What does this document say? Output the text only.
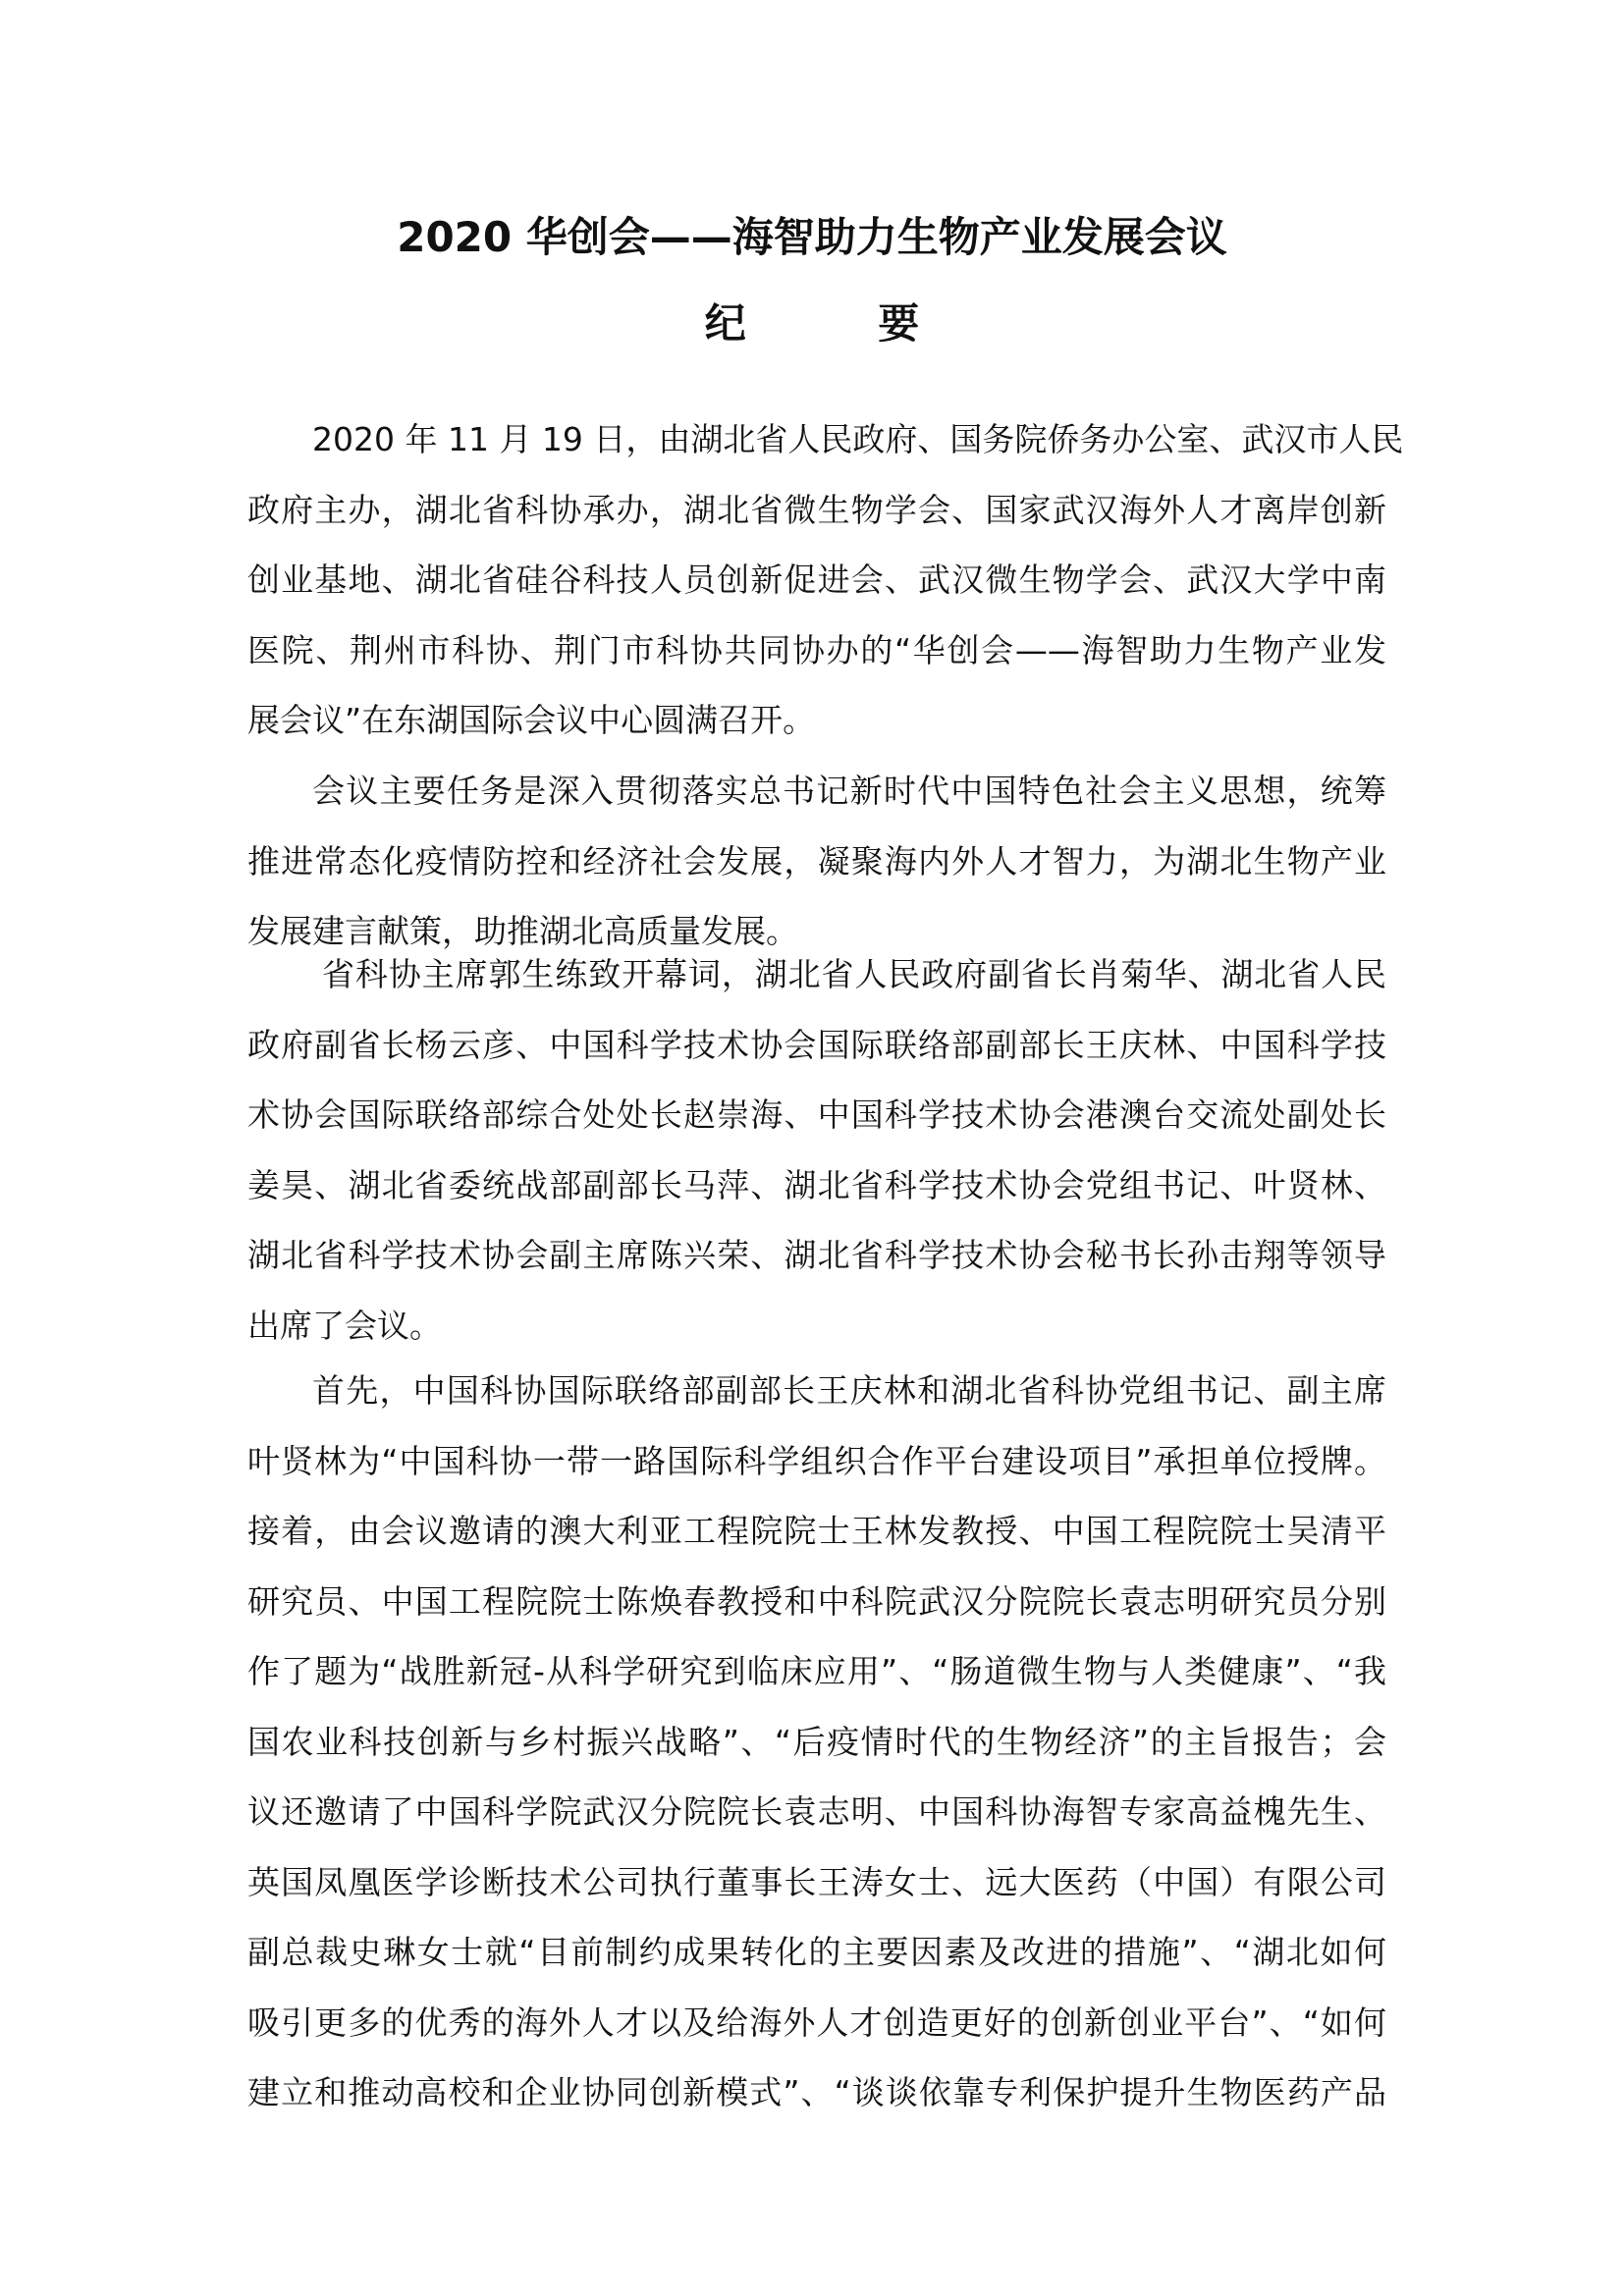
2020 华创会——海智助力生物产业发展会议
纪 要
2020 年 11 月 19 日，由湖北省人民政府、国务院侨务办公室、武汉市人民
政府主办，湖北省科协承办，湖北省微生物学会、国家武汉海外人才离岸创新
创业基地、湖北省硅谷科技人员创新促进会、武汉微生物学会、武汉大学中南
医院、荆州市科协、荆门市科协共同协办的“华创会——海智助力生物产业发
展会议”在东湖国际会议中心圆满召开。
会议主要任务是深入贯彻落实总书记新时代中国特色社会主义思想，统筹
推进常态化疫情防控和经济社会发展，凝聚海内外人才智力，为湖北生物产业
发展建言献策，助推湖北高质量发展。
省科协主席郭生练致开幕词，湖北省人民政府副省长肖菊华、湖北省人民
政府副省长杨云彦、中国科学技术协会国际联络部副部长王庆林、中国科学技
术协会国际联络部综合处处长赵崇海、中国科学技术协会港澳台交流处副处长
姜昊、湖北省委统战部副部长马萍、湖北省科学技术协会党组书记、叶贤林、
湖北省科学技术协会副主席陈兴荣、湖北省科学技术协会秘书长孙击翔等领导
出席了会议。
首先，中国科协国际联络部副部长王庆林和湖北省科协党组书记、副主席
叶贤林为“中国科协一带一路国际科学组织合作平台建设项目”承担单位授牌。
接着，由会议邀请的澳大利亚工程院院士王林发教授、中国工程院院士吴清平
研究员、中国工程院院士陈焕春教授和中科院武汉分院院长袁志明研究员分别
作了题为“战胜新冠-从科学研究到临床应用”、“肠道微生物与人类健康”、“我
国农业科技创新与乡村振兴战略”、“后疫情时代的生物经济”的主旨报告；会
议还邀请了中国科学院武汉分院院长袁志明、中国科协海智专家高益槐先生、
英国凤凰医学诊断技术公司执行董事长王涛女士、远大医药（中国）有限公司
副总裁史琳女士就“目前制约成果转化的主要因素及改进的措施”、“湖北如何
吸引更多的优秀的海外人才以及给海外人才创造更好的创新创业平台”、“如何
建立和推动高校和企业协同创新模式”、“谈谈依靠专利保护提升生物医药产品
